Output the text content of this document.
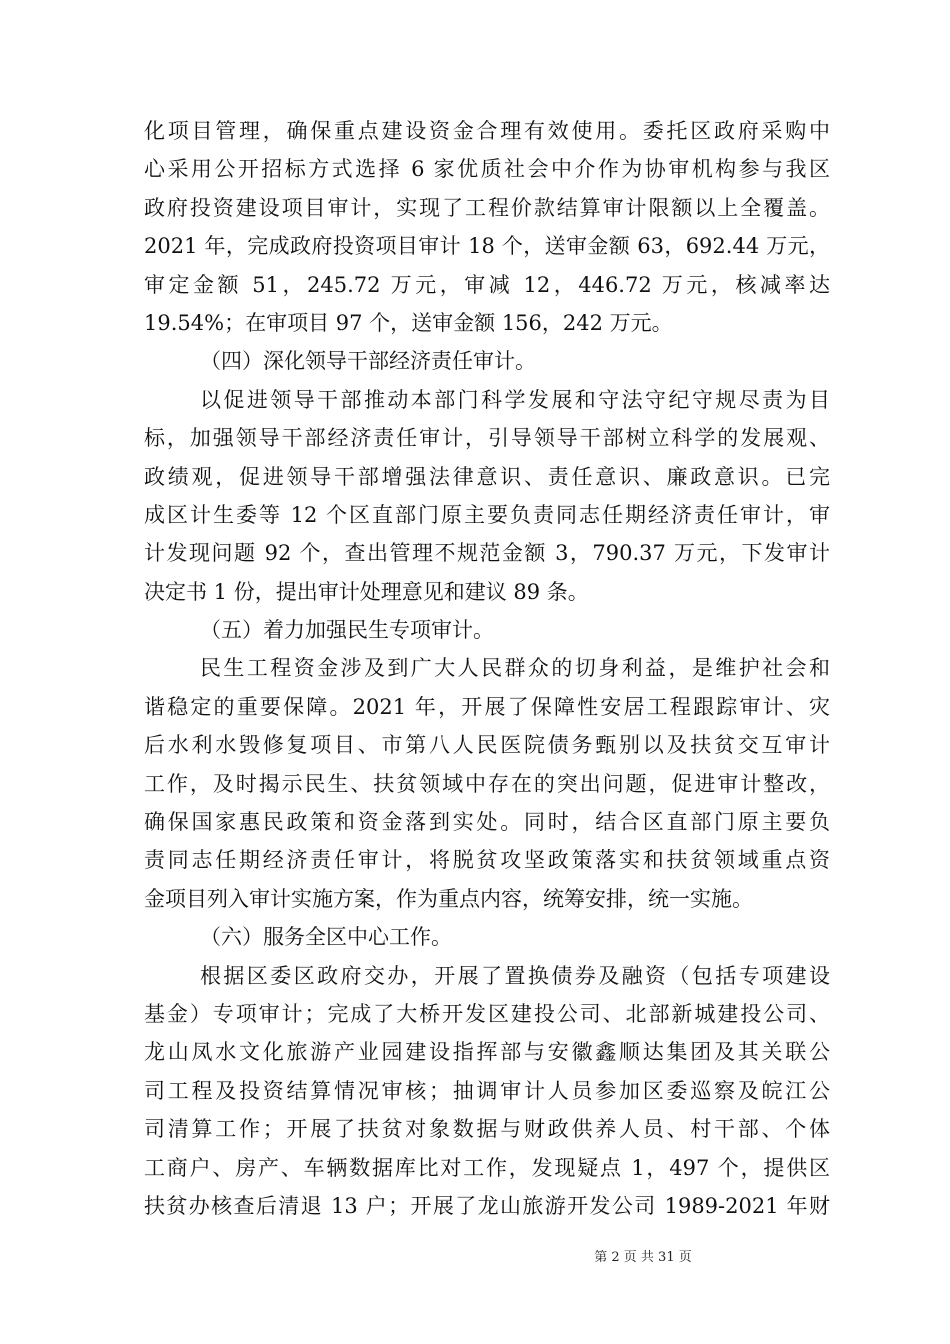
化项目管理，确保重点建设资金合理有效使用。委托区政府采购中
心采用公开招标方式选择 6 家优质社会中介作为协审机构参与我区
政府投资建设项目审计，实现了工程价款结算审计限额以上全覆盖。
2021 年，完成政府投资项目审计 18 个，送审金额 63，692.44 万元，
审定金额 51，245.72 万元，审减 12，446.72 万元，核减率达
19.54%；在审项目 97 个，送审金额 156，242 万元。
（四）深化领导干部经济责任审计。
以促进领导干部推动本部门科学发展和守法守纪守规尽责为目
标，加强领导干部经济责任审计，引导领导干部树立科学的发展观、
政绩观，促进领导干部增强法律意识、责任意识、廉政意识。已完
成区计生委等 12 个区直部门原主要负责同志任期经济责任审计，审
计发现问题 92 个，查出管理不规范金额 3，790.37 万元，下发审计
决定书 1 份，提出审计处理意见和建议 89 条。
（五）着力加强民生专项审计。
民生工程资金涉及到广大人民群众的切身利益，是维护社会和
谐稳定的重要保障。2021 年，开展了保障性安居工程跟踪审计、灾
后水利水毁修复项目、市第八人民医院债务甄别以及扶贫交互审计
工作，及时揭示民生、扶贫领域中存在的突出问题，促进审计整改，
确保国家惠民政策和资金落到实处。同时，结合区直部门原主要负
责同志任期经济责任审计，将脱贫攻坚政策落实和扶贫领域重点资
金项目列入审计实施方案，作为重点内容，统筹安排，统一实施。
（六）服务全区中心工作。
根据区委区政府交办，开展了置换债券及融资（包括专项建设
基金）专项审计；完成了大桥开发区建投公司、北部新城建投公司、
龙山凤水文化旅游产业园建设指挥部与安徽鑫顺达集团及其关联公
司工程及投资结算情况审核；抽调审计人员参加区委巡察及皖江公
司清算工作；开展了扶贫对象数据与财政供养人员、村干部、个体
工商户、房产、车辆数据库比对工作，发现疑点 1，497 个，提供区
扶贫办核查后清退 13 户；开展了龙山旅游开发公司 1989-2021 年财
第 2 页 共 31 页
